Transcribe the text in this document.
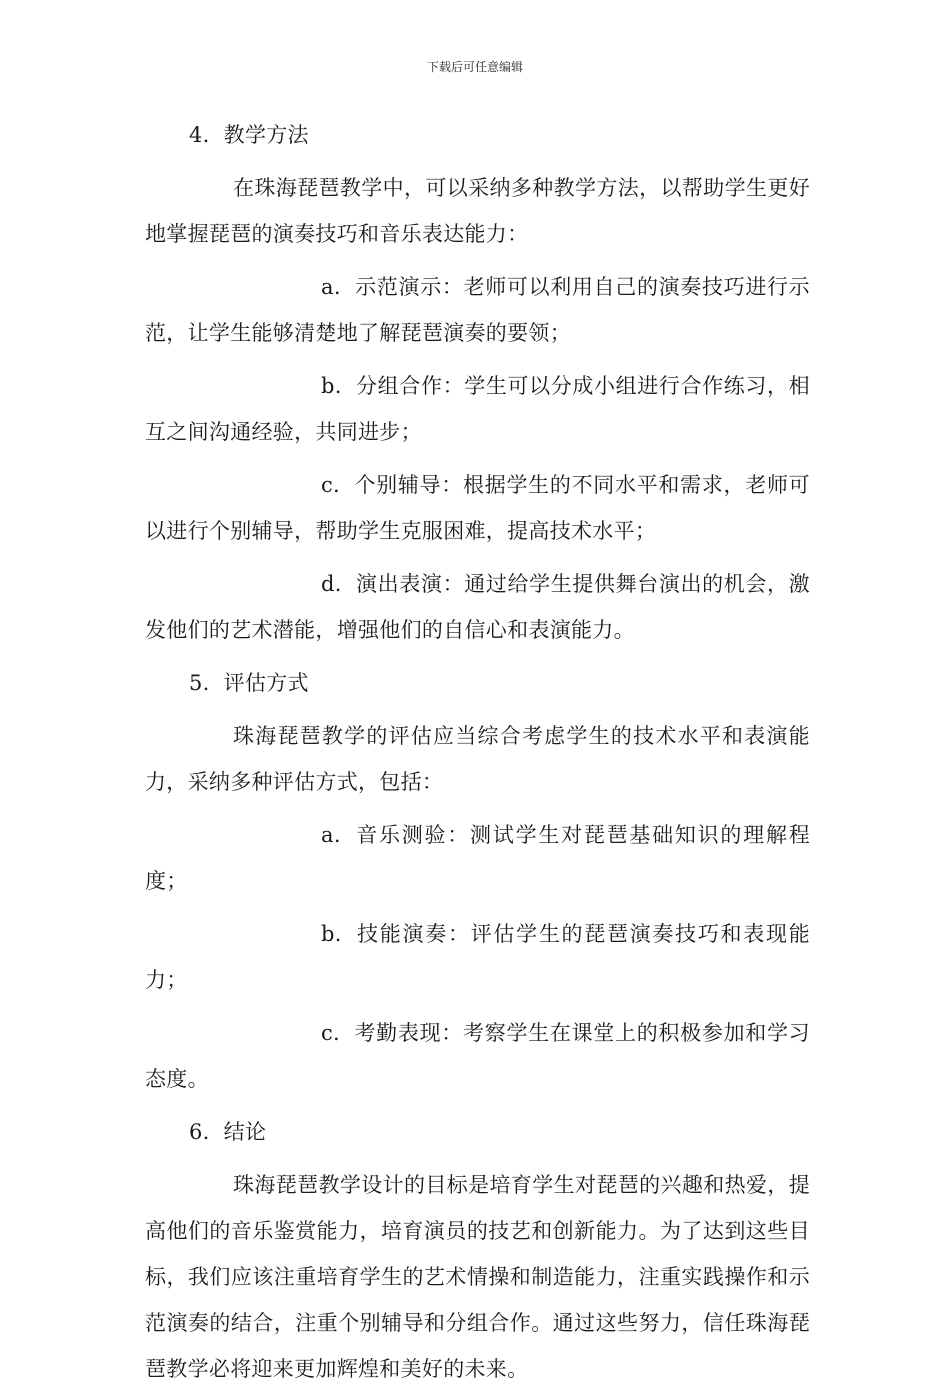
下载后可任意编辑

4. 教学方法

在珠海琵琶教学中，可以采纳多种教学方法，以帮助学生更好地掌握琵琶的演奏技巧和音乐表达能力：

a. 示范演示：老师可以利用自己的演奏技巧进行示范，让学生能够清楚地了解琵琶演奏的要领；

b. 分组合作：学生可以分成小组进行合作练习，相互之间沟通经验，共同进步；

c. 个别辅导：根据学生的不同水平和需求，老师可以进行个别辅导，帮助学生克服困难，提高技术水平；

d. 演出表演：通过给学生提供舞台演出的机会，激发他们的艺术潜能，增强他们的自信心和表演能力。

5. 评估方式

珠海琵琶教学的评估应当综合考虑学生的技术水平和表演能力，采纳多种评估方式，包括：

a. 音乐测验：测试学生对琵琶基础知识的理解程度；

b. 技能演奏：评估学生的琵琶演奏技巧和表现能力；

c. 考勤表现：考察学生在课堂上的积极参加和学习态度。

6. 结论

珠海琵琶教学设计的目标是培育学生对琵琶的兴趣和热爱，提高他们的音乐鉴赏能力，培育演员的技艺和创新能力。为了达到这些目标，我们应该注重培育学生的艺术情操和制造能力，注重实践操作和示范演奏的结合，注重个别辅导和分组合作。通过这些努力，信任珠海琵琶教学必将迎来更加辉煌和美好的未来。
